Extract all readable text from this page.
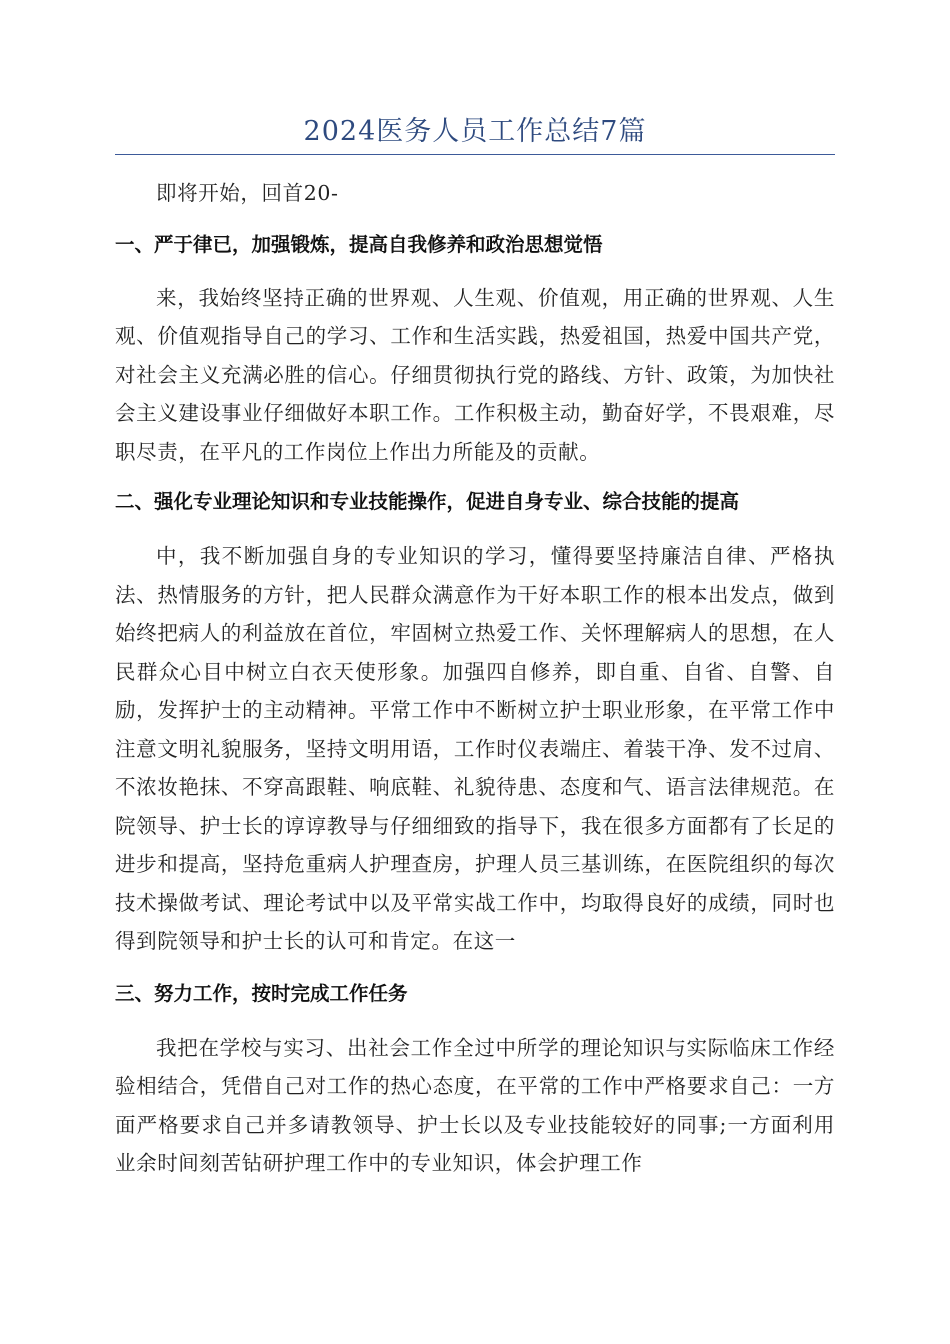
2024医务人员工作总结7篇

即将开始，回首20-

一、严于律已，加强锻炼，提高自我修养和政治思想觉悟

来，我始终坚持正确的世界观、人生观、价值观，用正确的世界观、人生观、价值观指导自己的学习、工作和生活实践，热爱祖国，热爱中国共产党，对社会主义充满必胜的信心。仔细贯彻执行党的路线、方针、政策，为加快社会主义建设事业仔细做好本职工作。工作积极主动，勤奋好学，不畏艰难，尽职尽责，在平凡的工作岗位上作出力所能及的贡献。

二、强化专业理论知识和专业技能操作，促进自身专业、综合技能的提高

中，我不断加强自身的专业知识的学习，懂得要坚持廉洁自律、严格执法、热情服务的方针，把人民群众满意作为干好本职工作的根本出发点，做到始终把病人的利益放在首位，牢固树立热爱工作、关怀理解病人的思想，在人民群众心目中树立白衣天使形象。加强四自修养，即自重、自省、自警、自励，发挥护士的主动精神。平常工作中不断树立护士职业形象，在平常工作中注意文明礼貌服务，坚持文明用语，工作时仪表端庄、着装干净、发不过肩、不浓妆艳抹、不穿高跟鞋、响底鞋、礼貌待患、态度和气、语言法律规范。在院领导、护士长的谆谆教导与仔细细致的指导下，我在很多方面都有了长足的进步和提高，坚持危重病人护理查房，护理人员三基训练，在医院组织的每次技术操做考试、理论考试中以及平常实战工作中，均取得良好的成绩，同时也得到院领导和护士长的认可和肯定。在这一

三、努力工作，按时完成工作任务

我把在学校与实习、出社会工作全过中所学的理论知识与实际临床工作经验相结合，凭借自己对工作的热心态度，在平常的工作中严格要求自己：一方面严格要求自己并多请教领导、护士长以及专业技能较好的同事;一方面利用业余时间刻苦钻研护理工作中的专业知识，体会护理工作
